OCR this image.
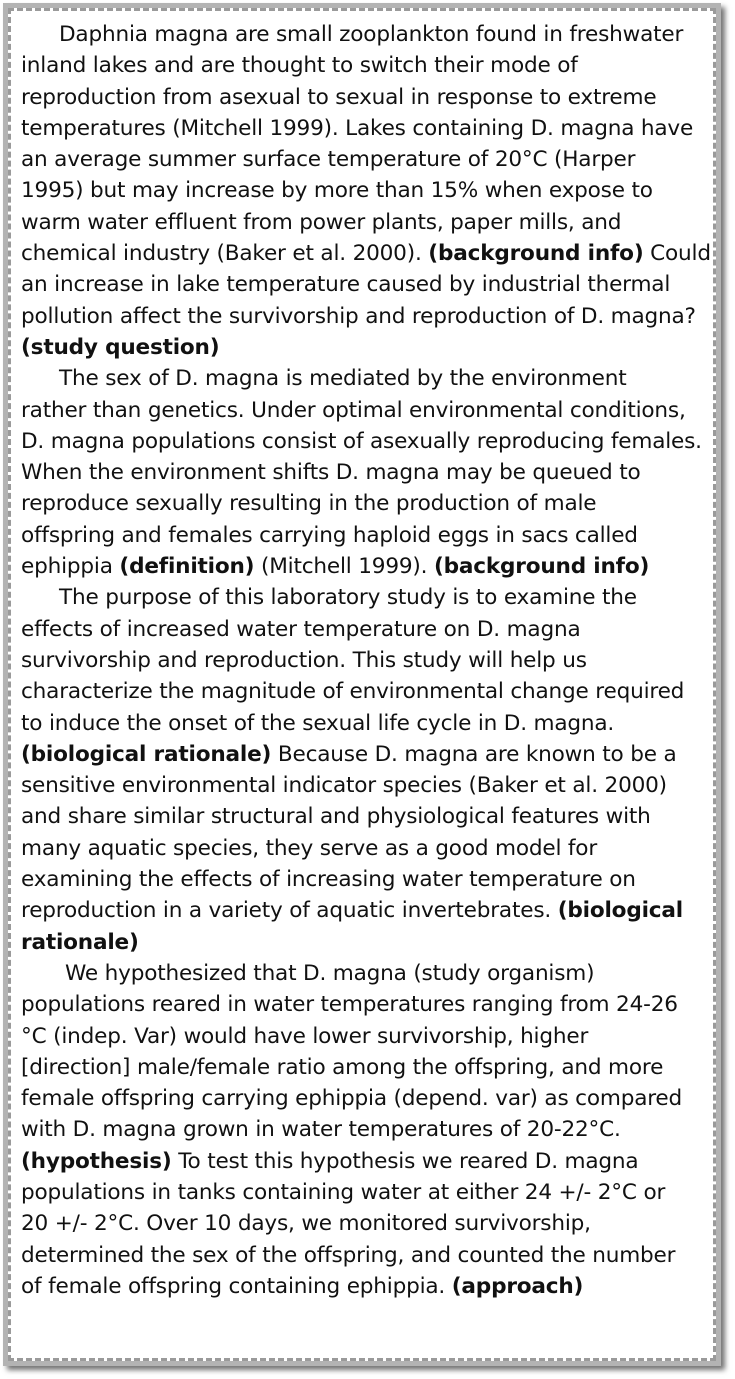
Daphnia magna are small zooplankton found in freshwater
inland lakes and are thought to switch their mode of
reproduction from asexual to sexual in response to extreme
temperatures (Mitchell 1999). Lakes containing D. magna have
an average summer surface temperature of 20°C (Harper
1995) but may increase by more than 15% when expose to
warm water effluent from power plants, paper mills, and
chemical industry (Baker et al. 2000). (background info) Could
an increase in lake temperature caused by industrial thermal
pollution affect the survivorship and reproduction of D. magna?
(study question)
The sex of D. magna is mediated by the environment
rather than genetics. Under optimal environmental conditions,
D. magna populations consist of asexually reproducing females.
When the environment shifts D. magna may be queued to
reproduce sexually resulting in the production of male
offspring and females carrying haploid eggs in sacs called
ephippia (definition) (Mitchell 1999). (background info)
The purpose of this laboratory study is to examine the
effects of increased water temperature on D. magna
survivorship and reproduction. This study will help us
characterize the magnitude of environmental change required
to induce the onset of the sexual life cycle in D. magna.
(biological rationale) Because D. magna are known to be a
sensitive environmental indicator species (Baker et al. 2000)
and share similar structural and physiological features with
many aquatic species, they serve as a good model for
examining the effects of increasing water temperature on
reproduction in a variety of aquatic invertebrates. (biological
rationale)
We hypothesized that D. magna (study organism)
populations reared in water temperatures ranging from 24-26
°C (indep. Var) would have lower survivorship, higher
[direction] male/female ratio among the offspring, and more
female offspring carrying ephippia (depend. var) as compared
with D. magna grown in water temperatures of 20-22°C.
(hypothesis) To test this hypothesis we reared D. magna
populations in tanks containing water at either 24 +/- 2°C or
20 +/- 2°C. Over 10 days, we monitored survivorship,
determined the sex of the offspring, and counted the number
of female offspring containing ephippia. (approach)
